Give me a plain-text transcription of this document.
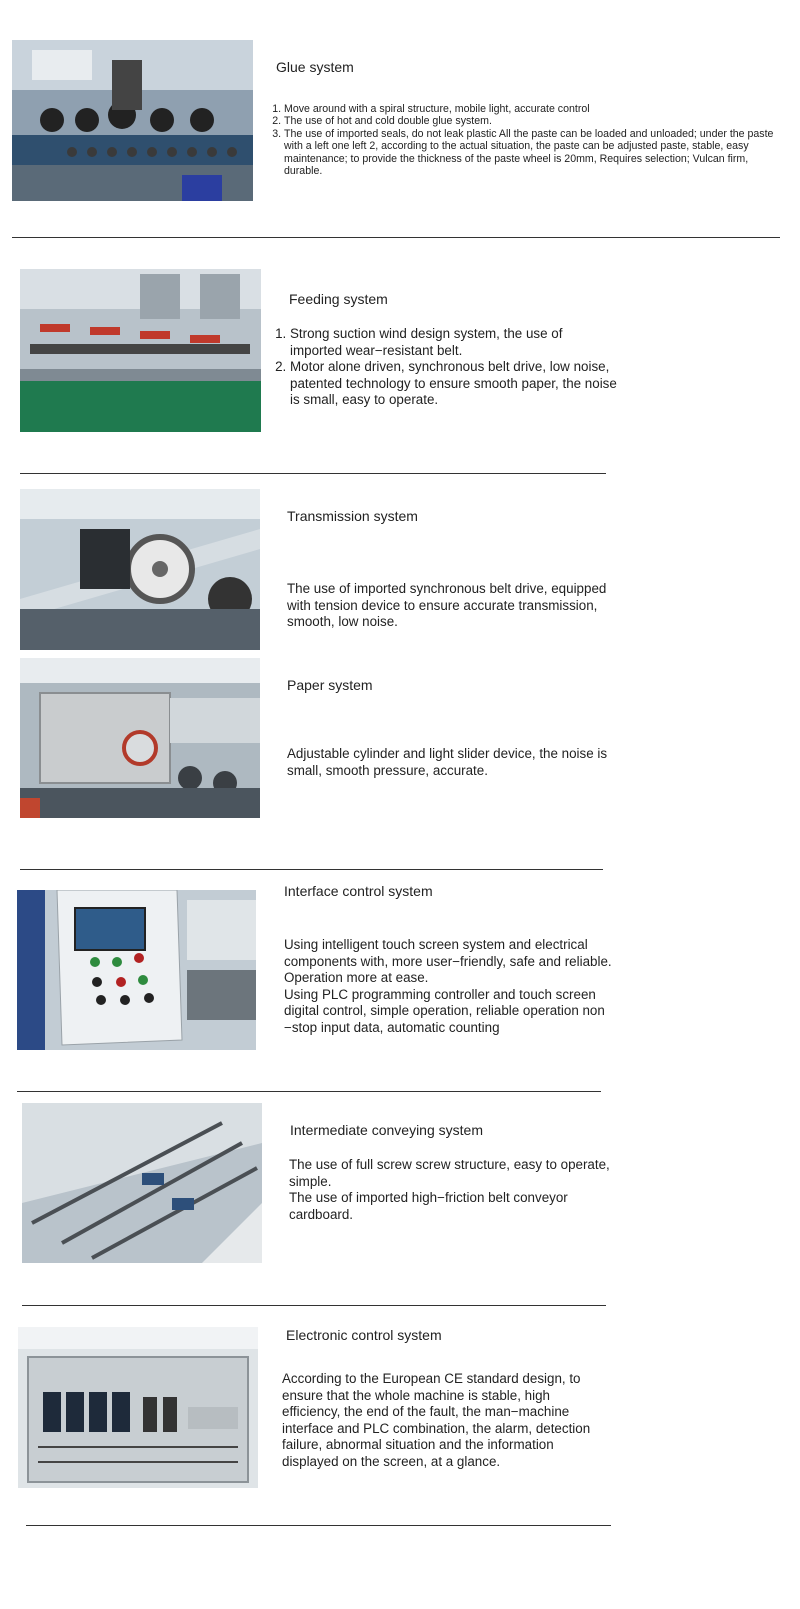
Glue system
1. Move around with a spiral structure, mobile light, accurate control
2. The use of hot and cold double glue system.
3. The use of imported seals, do not leak plastic All the paste can be loaded and unloaded; under the paste with a left one left 2, according to the actual situation, the paste can be adjusted paste, stable, easy maintenance; to provide the thickness of the paste wheel is 20mm, Requires selection; Vulcan firm, durable.
Feeding system
1. Strong suction wind design system, the use of imported wear−resistant belt.
2. Motor alone driven, synchronous belt drive, low noise, patented technology to ensure smooth paper, the noise is small, easy to operate.
Transmission system
The use of imported synchronous belt drive, equipped with tension device to ensure accurate transmission, smooth, low noise.
Paper system
Adjustable cylinder and light slider device, the noise is small, smooth pressure, accurate.
Interface control system

Using intelligent touch screen system and electrical components with, more user−friendly, safe and reliable. Operation more at ease.

Using PLC programming controller and touch screen digital control, simple operation, reliable operation non −stop input data, automatic counting

Intermediate conveying system

The use of full screw screw structure, easy to operate, simple.

The use of imported high−friction belt conveyor cardboard.

Electronic control system
According to the European CE standard design, to ensure that the whole machine is stable, high efficiency, the end of the fault, the man−machine interface and PLC combination, the alarm, detection failure, abnormal situation and the information displayed on the screen, at a glance.
